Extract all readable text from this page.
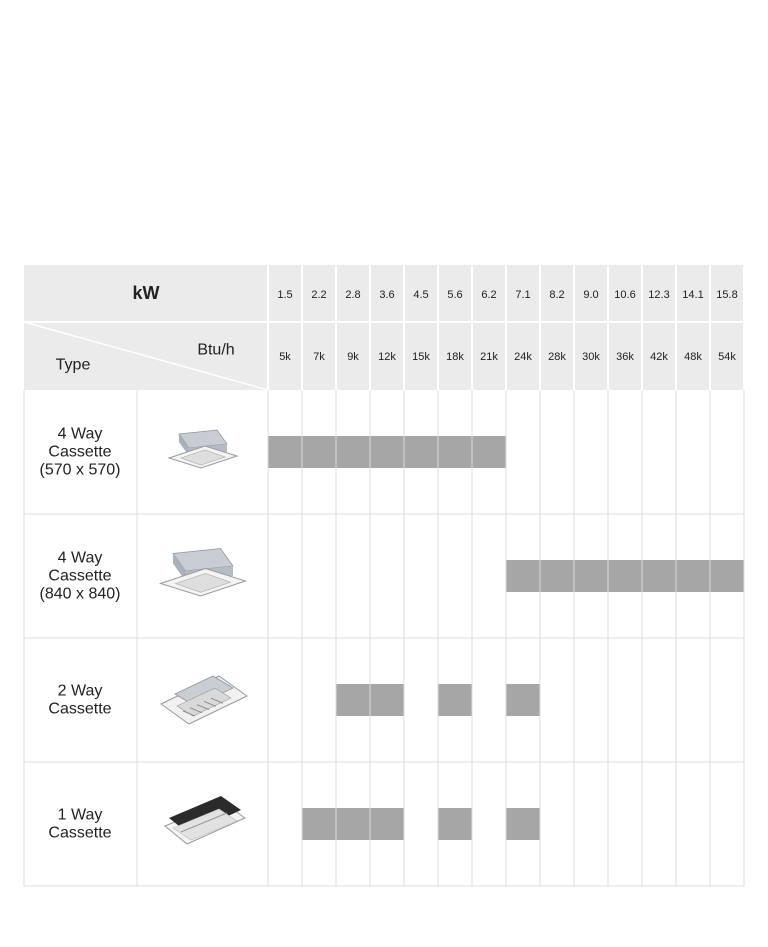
kW
Btu/h
Type
1.5 2.2 2.8 3.6 4.5 5.6 6.2 7.1 8.2 9.0 10.6 12.3 14.1 15.8
5k 7k 9k 12k 15k 18k 21k 24k 28k 30k 36k 42k 48k 54k
4 Way
Cassette
(570 x 570)
4 Way
Cassette
(840 x 840)
2 Way
Cassette
1 Way
Cassette
